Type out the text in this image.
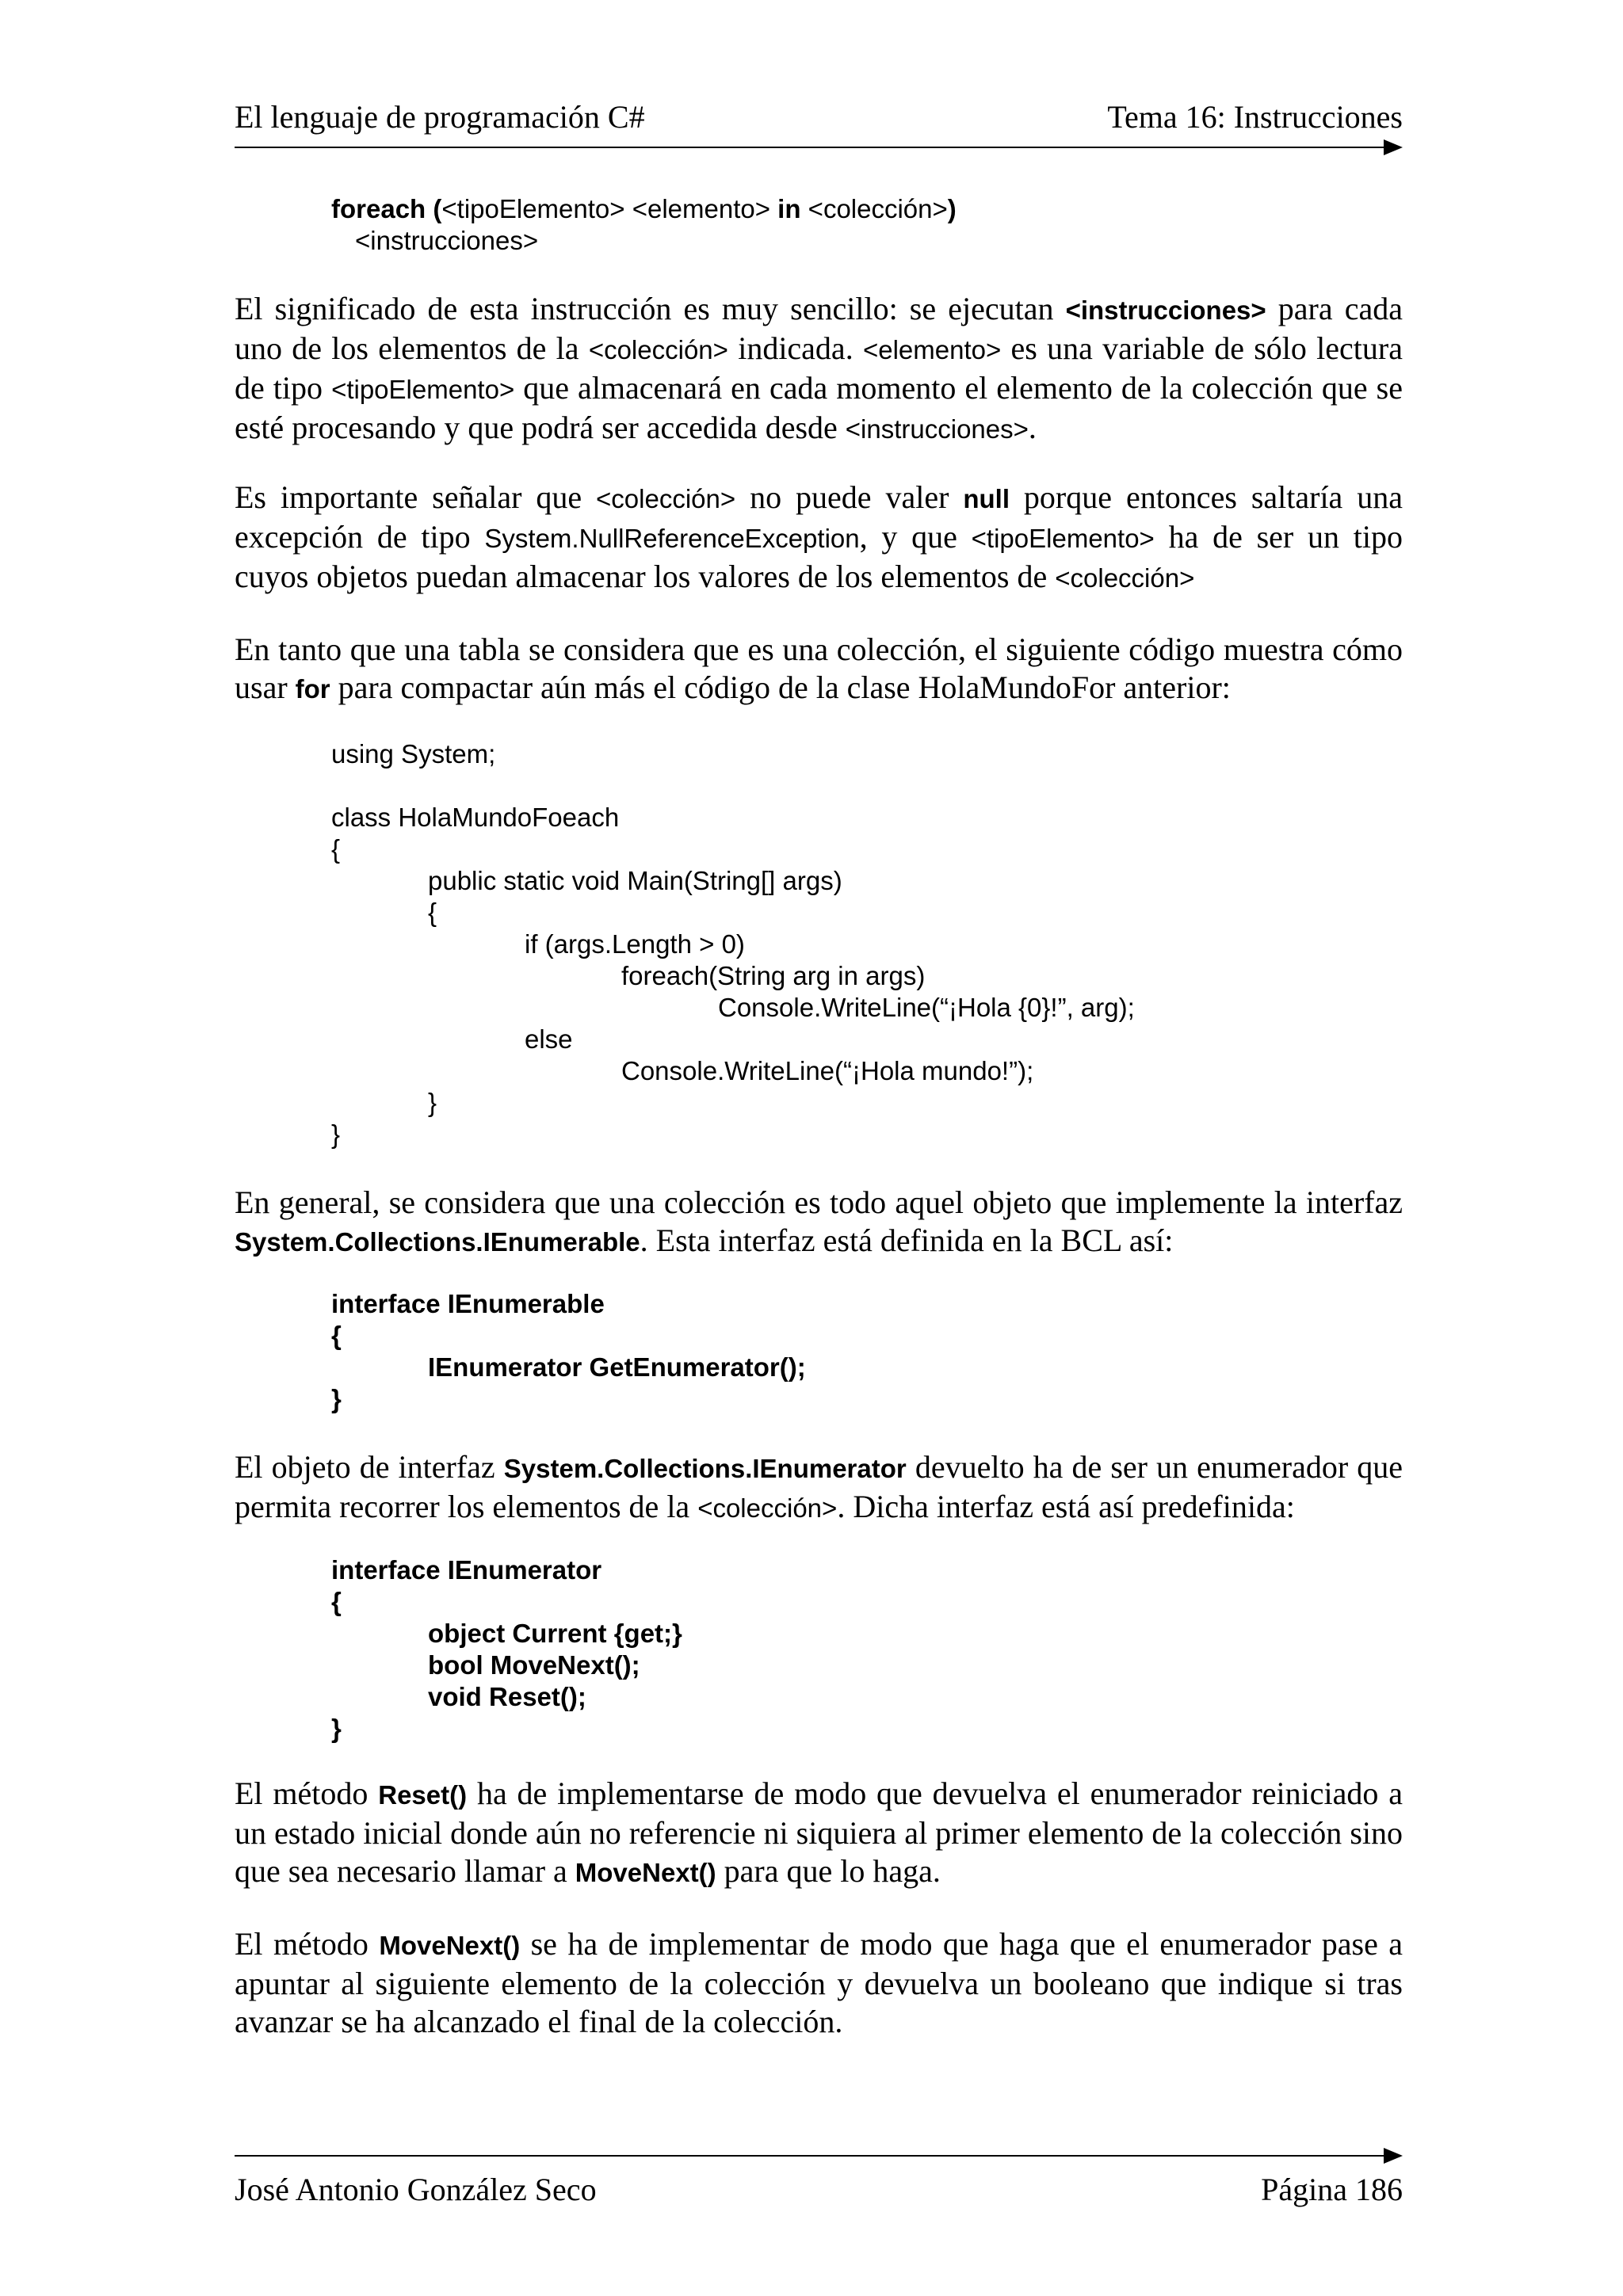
El lenguaje de programación C#	Tema 16: Instrucciones
foreach (<tipoElemento> <elemento> in <colección>)
<instrucciones>

El significado de esta instrucción es muy sencillo: se ejecutan <instrucciones> para cada uno de los elementos de la <colección> indicada. <elemento> es una variable de sólo lectura de tipo <tipoElemento> que almacenará en cada momento el elemento de la colección que se esté procesando y que podrá ser accedida desde <instrucciones>.

Es importante señalar que <colección> no puede valer null porque entonces saltaría una excepción de tipo System.NullReferenceException, y que <tipoElemento> ha de ser un tipo cuyos objetos puedan almacenar los valores de los elementos de <colección>

En tanto que una tabla se considera que es una colección, el siguiente código muestra cómo usar for para compactar aún más el código de la clase HolaMundoFor anterior:

using System;
class HolaMundoFoeach
{
public static void Main(String[] args)
{
if (args.Length > 0)
foreach(String arg in args)
Console.WriteLine(“¡Hola {0}!”, arg);
else
Console.WriteLine(“¡Hola mundo!”);
}
}

En general, se considera que una colección es todo aquel objeto que implemente la interfaz System.Collections.IEnumerable. Esta interfaz está definida en la BCL así:

interface IEnumerable
{
IEnumerator GetEnumerator();
}

El objeto de interfaz System.Collections.IEnumerator devuelto ha de ser un enumerador que permita recorrer los elementos de la <colección>. Dicha interfaz está así predefinida:

interface IEnumerator
{
object Current {get;}
bool MoveNext();
void Reset();
}

El método Reset() ha de implementarse de modo que devuelva el enumerador reiniciado a un estado inicial donde aún no referencie ni siquiera al primer elemento de la colección sino que sea necesario llamar a MoveNext() para que lo haga.

El método MoveNext() se ha de implementar de modo que haga que el enumerador pase a apuntar al siguiente elemento de la colección y devuelva un booleano que indique si tras avanzar se ha alcanzado el final de la colección.

José Antonio González Seco	Página 186
